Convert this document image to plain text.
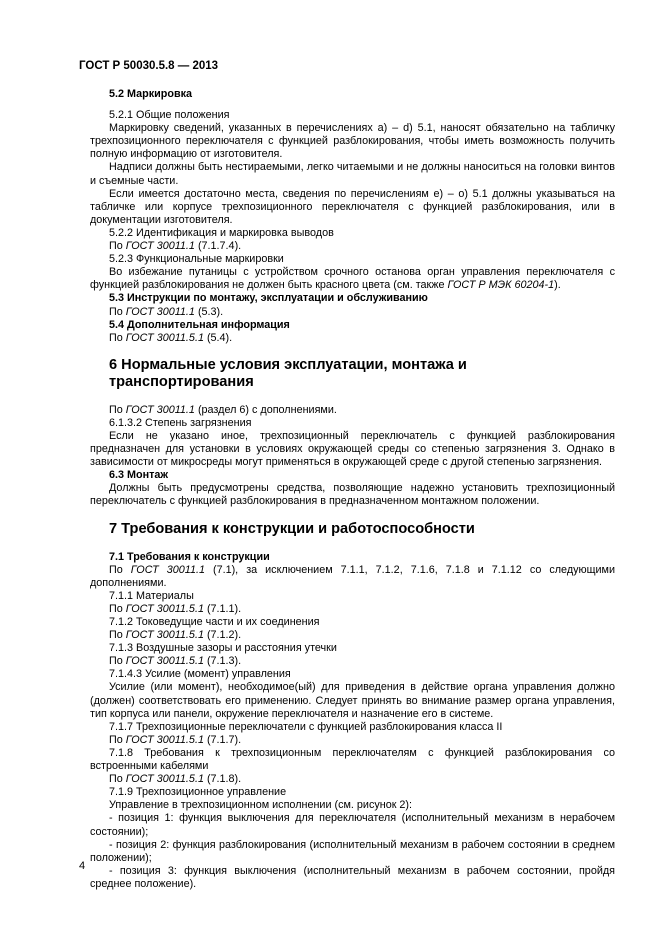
ГОСТ Р 50030.5.8 — 2013

5.2 Маркировка

5.2.1 Общие положения

Маркировку сведений, указанных в перечислениях а) – d) 5.1, наносят обязательно на табличку трехпозиционного переключателя с функцией разблокирования, чтобы иметь возможность получить полную информацию от изготовителя.

Надписи должны быть нестираемыми, легко читаемыми и не должны наноситься на головки винтов и съемные части.

Если имеется достаточно места, сведения по перечислениям е) – о) 5.1 должны указываться на табличке или корпусе трехпозиционного переключателя с функцией разблокирования, или в документации изготовителя.

5.2.2 Идентификация и маркировка выводов

По ГОСТ 30011.1 (7.1.7.4).

5.2.3 Функциональные маркировки

Во избежание путаницы с устройством срочного останова орган управления переключателя с функцией разблокирования не должен быть красного цвета (см. также ГОСТ Р МЭК 60204-1).

5.3 Инструкции по монтажу, эксплуатации и обслуживанию

По ГОСТ 30011.1 (5.3).

5.4 Дополнительная информация

По ГОСТ 30011.5.1 (5.4).

6 Нормальные условия эксплуатации, монтажа и транспортирования

По ГОСТ 30011.1 (раздел 6) с дополнениями.

6.1.3.2 Степень загрязнения

Если не указано иное, трехпозиционный переключатель с функцией разблокирования предназначен для установки в условиях окружающей среды со степенью загрязнения 3. Однако в зависимости от микросреды могут применяться в окружающей среде с другой степенью загрязнения.

6.3 Монтаж

Должны быть предусмотрены средства, позволяющие надежно установить трехпозиционный переключатель с функцией разблокирования в предназначенном монтажном положении.

7 Требования к конструкции и работоспособности

7.1 Требования к конструкции

По ГОСТ 30011.1 (7.1), за исключением 7.1.1, 7.1.2, 7.1.6, 7.1.8 и 7.1.12 со следующими дополнениями.

7.1.1 Материалы

По ГОСТ 30011.5.1 (7.1.1).

7.1.2 Токоведущие части и их соединения

По ГОСТ 30011.5.1 (7.1.2).

7.1.3 Воздушные зазоры и расстояния утечки

По ГОСТ 30011.5.1 (7.1.3).

7.1.4.3 Усилие (момент) управления

Усилие (или момент), необходимое(ый) для приведения в действие органа управления должно (должен) соответствовать его применению. Следует принять во внимание размер органа управления, тип корпуса или панели, окружение переключателя и назначение его в системе.

7.1.7 Трехпозиционные переключатели с функцией разблокирования класса II

По ГОСТ 30011.5.1 (7.1.7).

7.1.8 Требования к трехпозиционным переключателям с функцией разблокирования со встроенными кабелями

По ГОСТ 30011.5.1 (7.1.8).

7.1.9 Трехпозиционное управление

Управление в трехпозиционном исполнении (см. рисунок 2):

- позиция 1: функция выключения для переключателя (исполнительный механизм в нерабочем состоянии);

- позиция 2: функция разблокирования (исполнительный механизм в рабочем состоянии в среднем положении);

- позиция 3: функция выключения (исполнительный механизм в рабочем состоянии, пройдя среднее положение).

4
